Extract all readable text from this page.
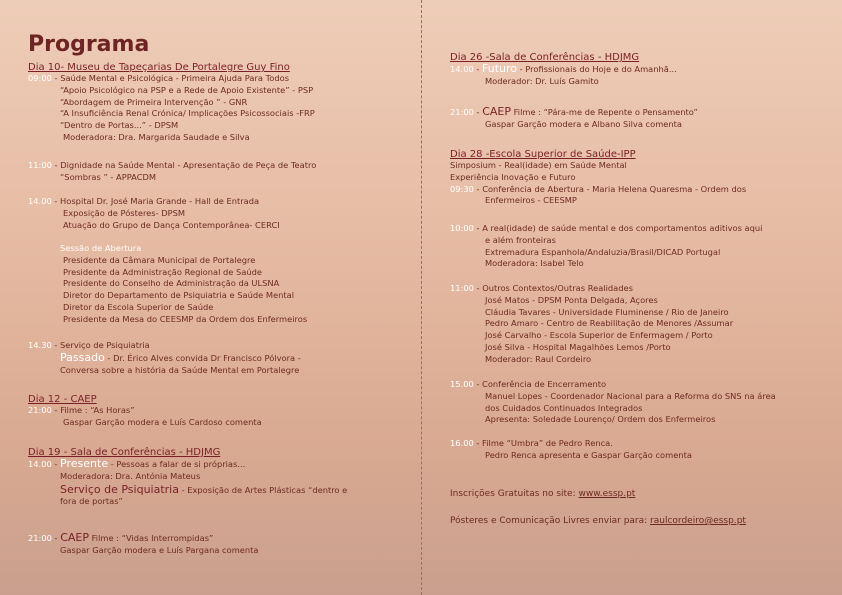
Programa
Dia 10- Museu de Tapeçarias De Portalegre Guy Fino
09:00 - Saúde Mental e Psicológica - Primeira Ajuda Para Todos
“Apoio Psicológico na PSP e a Rede de Apoio Existente” - PSP
“Abordagem de Primeira Intervenção ” - GNR
“A Insuficiência Renal Crónica/ Implicações Psicossociais -FRP
“Dentro de Portas...” - DPSM
Moderadora: Dra. Margarida Saudade e Silva
11:00 - Dignidade na Saúde Mental - Apresentação de Peça de Teatro
“Sombras ” - APPACDM
14.00 - Hospital Dr. José Maria Grande - Hall de Entrada
Exposição de Pósteres- DPSM
Atuação do Grupo de Dança Contemporânea- CERCI
Sessão de Abertura
Presidente da Câmara Municipal de Portalegre
Presidente da Administração Regional de Saúde
Presidente do Conselho de Administração da ULSNA
Diretor do Departamento de Psiquiatria e Saúde Mental
Diretor da Escola Superior de Saúde
Presidente da Mesa do CEESMP da Ordem dos Enfermeiros
14.30 - Serviço de Psiquiatria
Passado - Dr. Érico Alves convida Dr Francisco Pólvora -
Conversa sobre a história da Saúde Mental em Portalegre
Dia 12 - CAEP
21:00 - Filme : “As Horas”
Gaspar Garção modera e Luís Cardoso comenta
Dia 19 - Sala de Conferências - HDJMG
14.00 - Presente - Pessoas a falar de si próprias...
Moderadora: Dra. Antónia Mateus
Serviço de Psiquiatria - Exposição de Artes Plásticas “dentro e
fora de portas”
21:00 - CAEP Filme : “Vidas Interrompidas”
Gaspar Garção modera e Luís Pargana comenta
Dia 26 -Sala de Conferências - HDJMG
14.00 - Futuro - Profissionais do Hoje e do Amanhã...
Moderador: Dr. Luís Gamito
21:00 - CAEP Filme : “Pára-me de Repente o Pensamento”
Gaspar Garção modera e Albano Silva comenta
Dia 28 -Escola Superior de Saúde-IPP
Simposium - Real(idade) em Saúde Mental
Experiência Inovação e Futuro
09:30 - Conferência de Abertura - Maria Helena Quaresma - Ordem dos
Enfermeiros - CEESMP
10:00 - A real(idade) de saúde mental e dos comportamentos aditivos aqui
e além fronteiras
Extremadura Espanhola/Andaluzia/Brasil/DICAD Portugal
Moderadora: Isabel Telo
11:00 - Outros Contextos/Outras Realidades
José Matos - DPSM Ponta Delgada, Açores
Cláudia Tavares - Universidade Fluminense / Rio de Janeiro
Pedro Amaro - Centro de Reabilitação de Menores /Assumar
José Carvalho - Escola Superior de Enfermagem / Porto
José Silva - Hospital Magalhões Lemos /Porto
Moderador: Raul Cordeiro
15.00 - Conferência de Encerramento
Manuel Lopes - Coordenador Nacional para a Reforma do SNS na área
dos Cuidados Continuados Integrados
Apresenta: Soledade Lourenço/ Ordem dos Enfermeiros
16.00 - Filme “Umbra” de Pedro Renca.
Pedro Renca apresenta e Gaspar Garção comenta
Inscrições Gratuitas no site: www.essp.pt
Pósteres e Comunicação Livres enviar para: raulcordeiro@essp.pt
